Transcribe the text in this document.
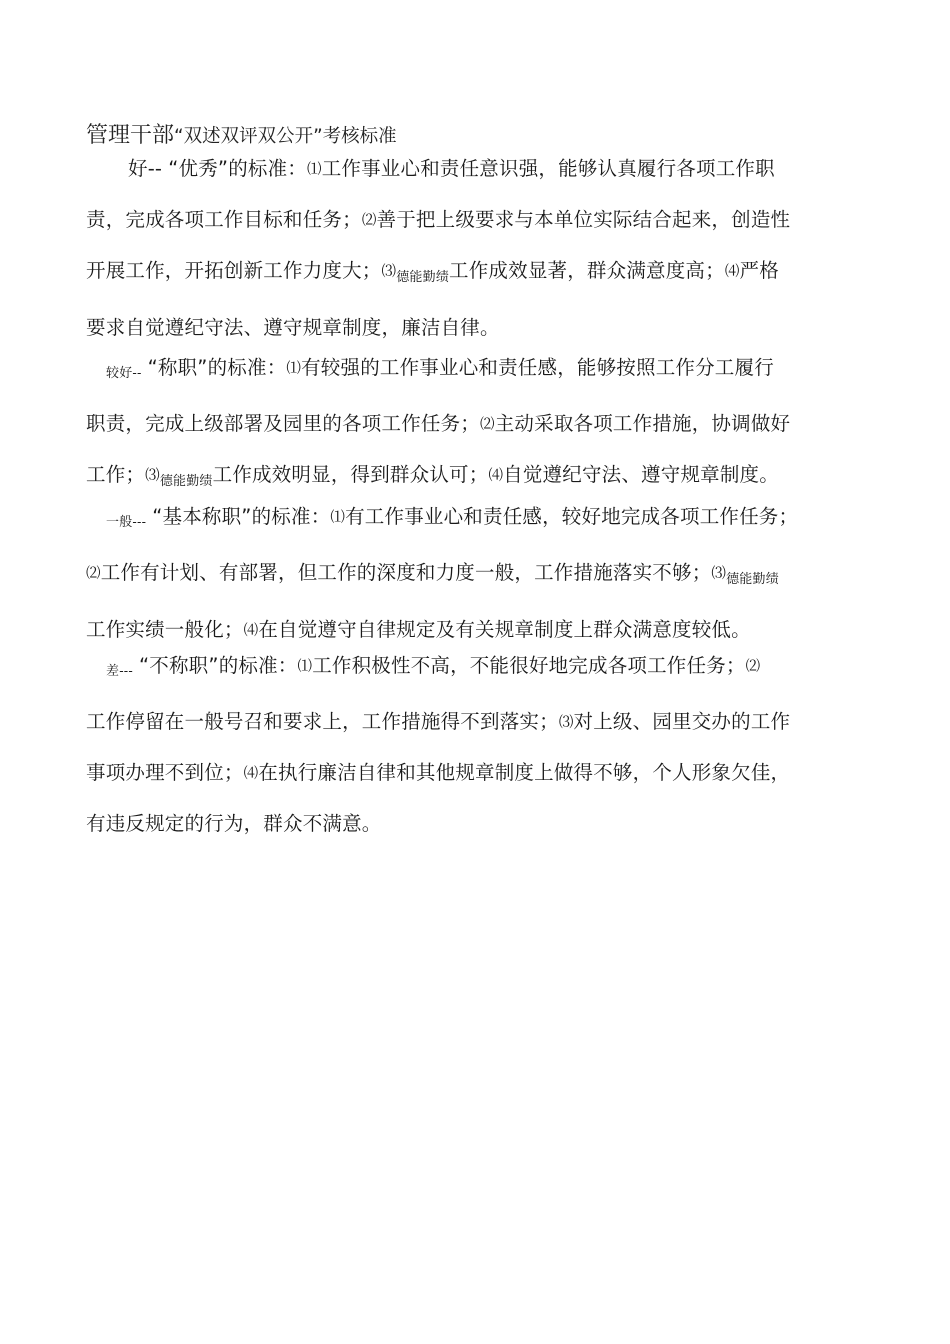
管理干部“双述双评双公开”考核标准
好-- “优秀”的标准：⑴工作事业心和责任意识强，能够认真履行各项工作职
责，完成各项工作目标和任务；⑵善于把上级要求与本单位实际结合起来，创造性
开展工作，开拓创新工作力度大；$⑶_{德能勤绩}$工作成效显著，群众满意度高；⑷严格
要求自觉遵纪守法、遵守规章制度，廉洁自律。
较好-- “称职”的标准：⑴有较强的工作事业心和责任感，能够按照工作分工履行
职责，完成上级部署及园里的各项工作任务；⑵主动采取各项工作措施，协调做好
工作；$⑶_{德能勤绩}$工作成效明显，得到群众认可；⑷自觉遵纪守法、遵守规章制度。
一般--- “基本称职”的标准：⑴有工作事业心和责任感，较好地完成各项工作任务；
⑵工作有计划、有部署，但工作的深度和力度一般，工作措施落实不够；$⑶_{德能勤绩}$
工作实绩一般化；⑷在自觉遵守自律规定及有关规章制度上群众满意度较低。
差--- “不称职”的标准：⑴工作积极性不高，不能很好地完成各项工作任务；⑵
工作停留在一般号召和要求上，工作措施得不到落实；⑶对上级、园里交办的工作
事项办理不到位；⑷在执行廉洁自律和其他规章制度上做得不够，个人形象欠佳，
有违反规定的行为，群众不满意。
